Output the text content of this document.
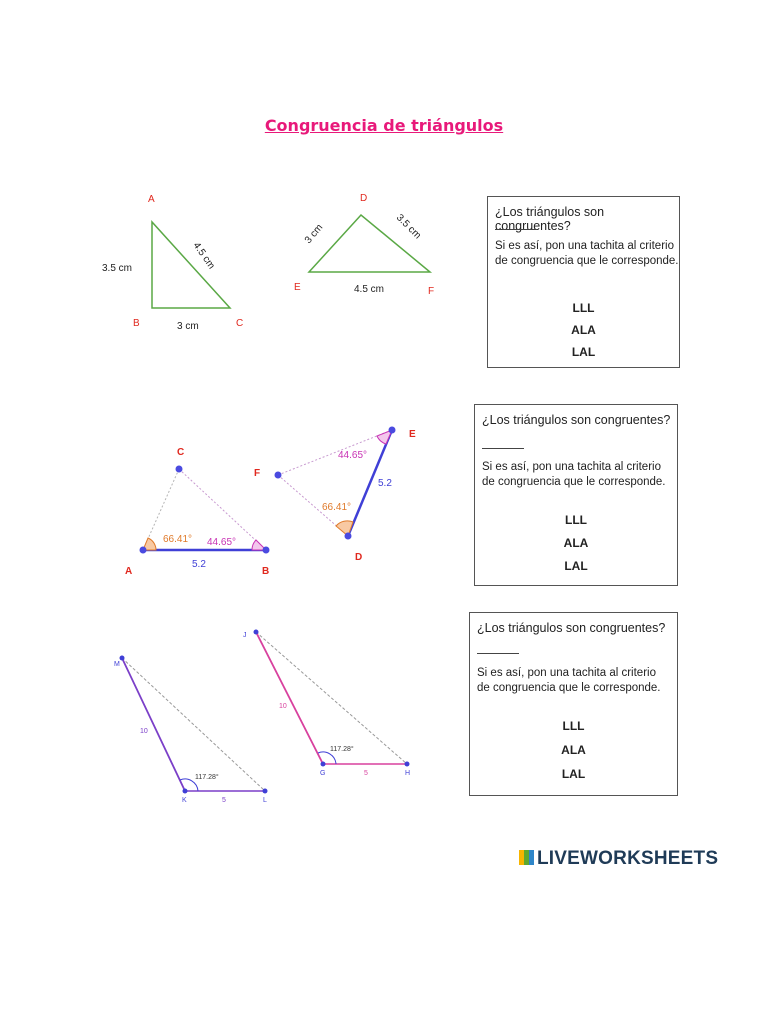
Congruencia de triángulos
A
B	C
3.5 cm	4.5 cm
3 cm
D
E	F
3 cm	3.5 cm
4.5 cm
C
A	B
66.41° 44.65°
5.2
E
F
D
44.65°
66.41°
5.2
M
K	L
10
5
117.28°
J
G	H
10
5
117.28°
¿Los triángulos son congruentes?
Si es así, pon una tachita al criterio de congruencia que le corresponde.
LLL
ALA
LAL
¿Los triángulos son congruentes?
Si es así, pon una tachita al criterio de congruencia que le corresponde.
LLL
ALA
LAL
¿Los triángulos son congruentes?
Si es así, pon una tachita al criterio de congruencia que le corresponde.
LLL
ALA
LAL
LIVEWORKSHEETS
